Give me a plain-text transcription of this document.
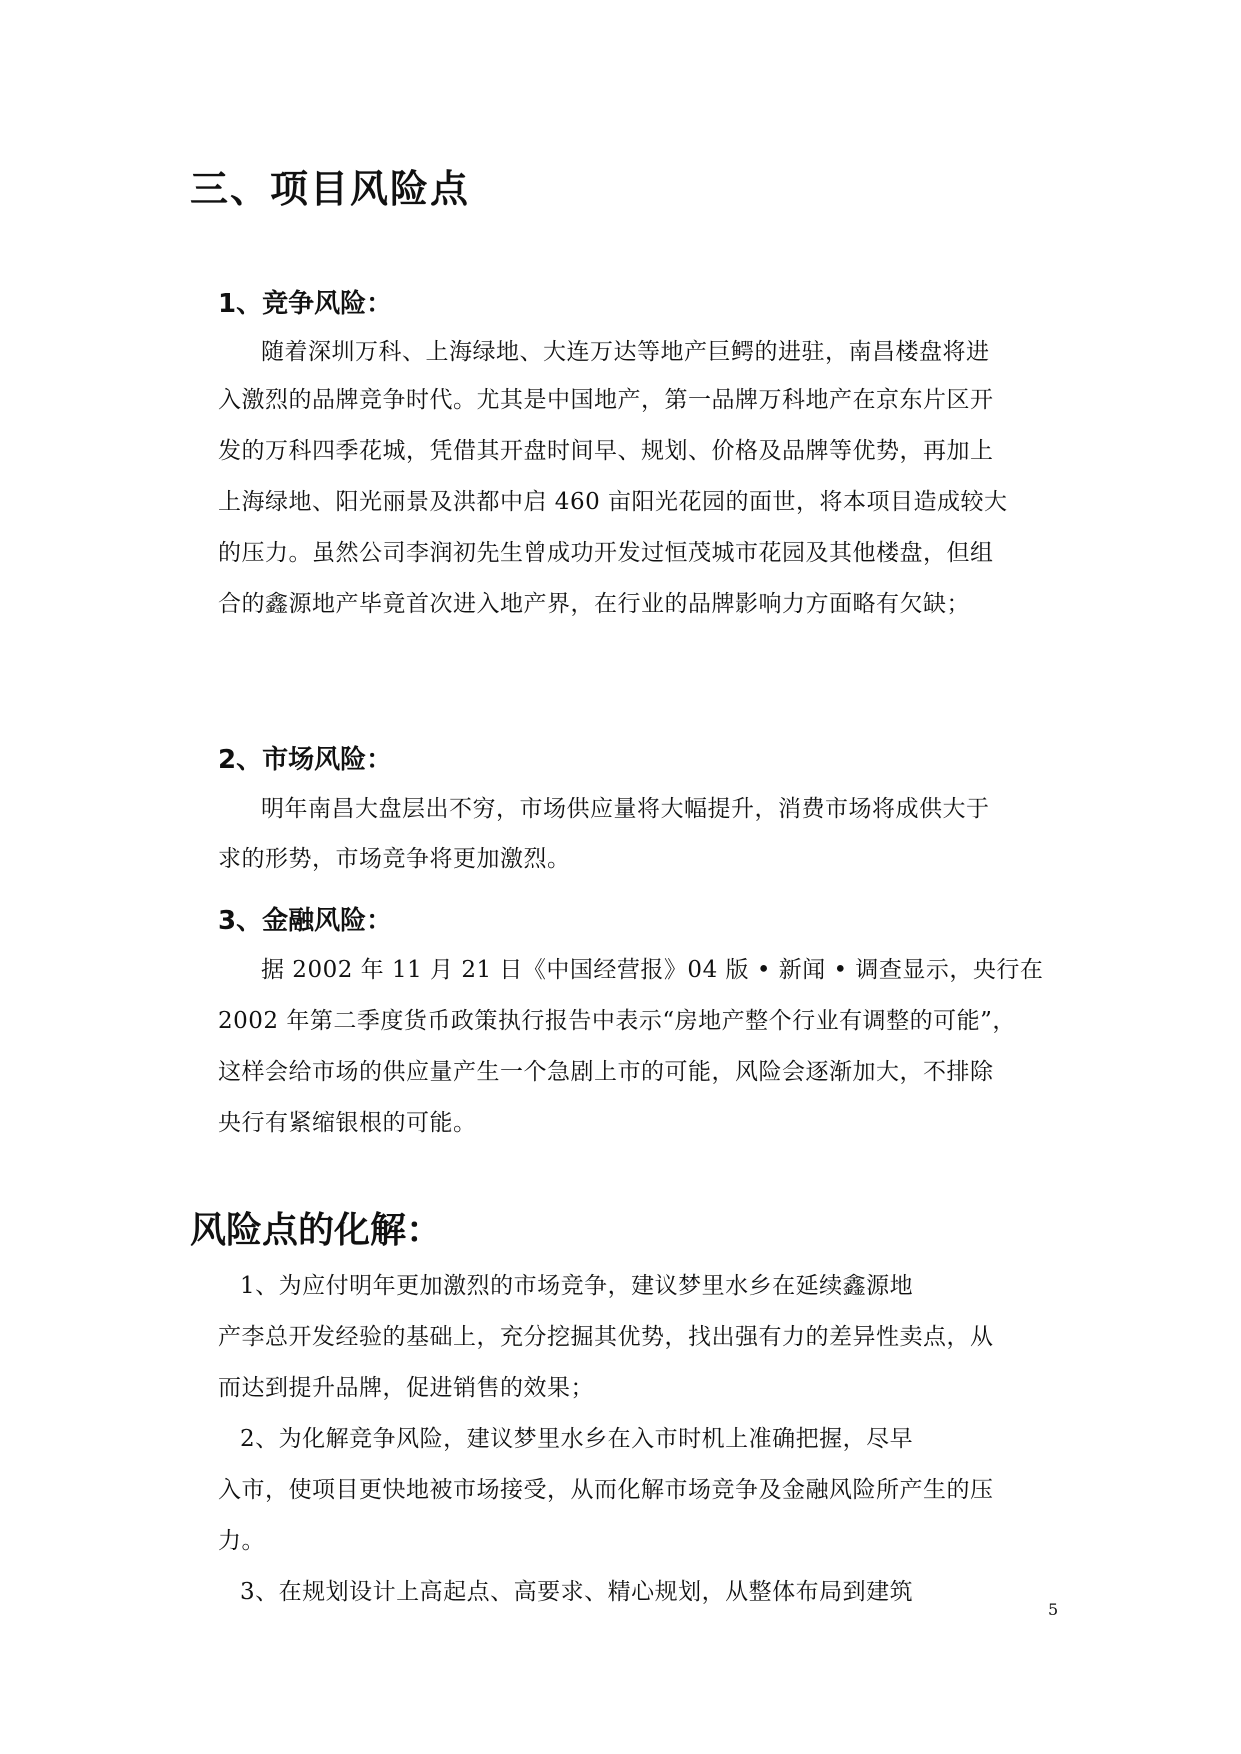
三、项目风险点
1、竞争风险：
随着深圳万科、上海绿地、大连万达等地产巨鳄的进驻，南昌楼盘将进
入激烈的品牌竞争时代。尤其是中国地产，第一品牌万科地产在京东片区开
发的万科四季花城，凭借其开盘时间早、规划、价格及品牌等优势，再加上
上海绿地、阳光丽景及洪都中启 460 亩阳光花园的面世，将本项目造成较大
的压力。虽然公司李润初先生曾成功开发过恒茂城市花园及其他楼盘，但组
合的鑫源地产毕竟首次进入地产界，在行业的品牌影响力方面略有欠缺；
2、市场风险：
明年南昌大盘层出不穷，市场供应量将大幅提升，消费市场将成供大于
求的形势，市场竞争将更加激烈。
3、金融风险：
据 2002 年 11 月 21 日《中国经营报》04 版 • 新闻 • 调查显示，央行在
2002 年第二季度货币政策执行报告中表示“房地产整个行业有调整的可能”，
这样会给市场的供应量产生一个急剧上市的可能，风险会逐渐加大，不排除
央行有紧缩银根的可能。
风险点的化解：
1、为应付明年更加激烈的市场竞争，建议梦里水乡在延续鑫源地
产李总开发经验的基础上，充分挖掘其优势，找出强有力的差异性卖点，从
而达到提升品牌，促进销售的效果；
2、为化解竞争风险，建议梦里水乡在入市时机上准确把握，尽早
入市，使项目更快地被市场接受，从而化解市场竞争及金融风险所产生的压
力。
3、在规划设计上高起点、高要求、精心规划，从整体布局到建筑
5
